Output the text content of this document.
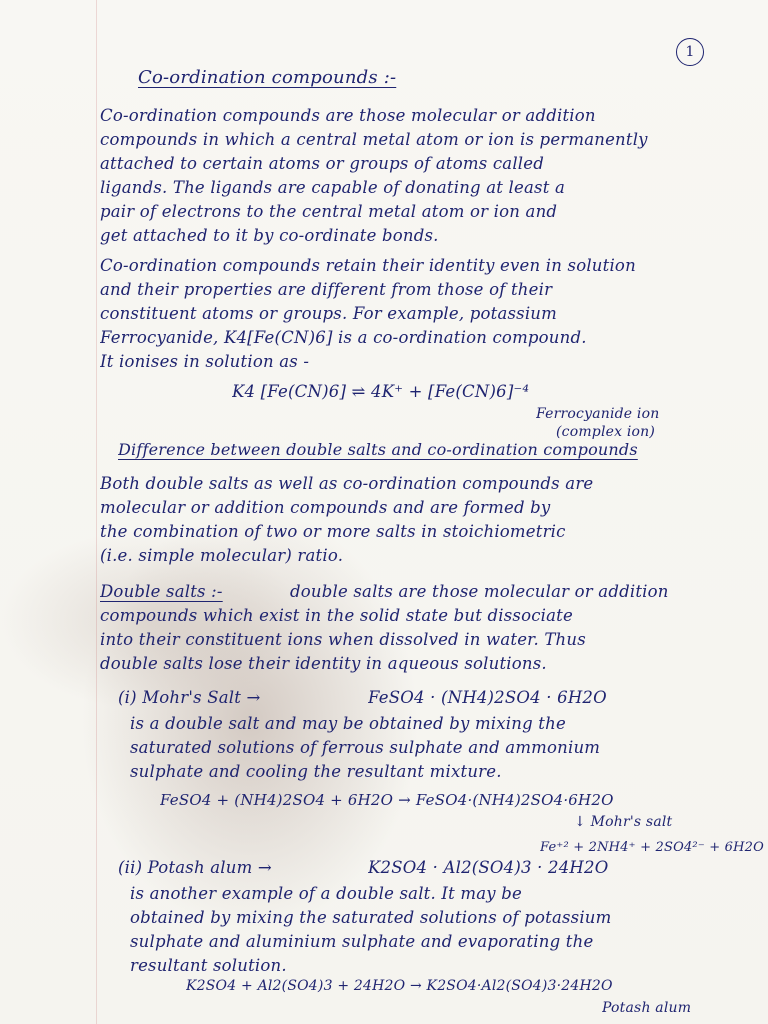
1
Co-ordination compounds :-
Co-ordination compounds are those molecular or addition
compounds in which a central metal atom or ion is permanently
attached to certain atoms or groups of atoms called
ligands. The ligands are capable of donating at least a
pair of electrons to the central metal atom or ion and
get attached to it by co-ordinate bonds.
Co-ordination compounds retain their identity even in solution
and their properties are different from those of their
constituent atoms or groups. For example, potassium
Ferrocyanide, K4[Fe(CN)6] is a co-ordination compound.
It ionises in solution as -
K4 [Fe(CN)6] ⇌ 4K⁺ + [Fe(CN)6]⁻⁴
Ferrocyanide ion
(complex ion)
Difference between double salts and co-ordination compounds
Both double salts as well as co-ordination compounds are
molecular or addition compounds and are formed by
the combination of two or more salts in stoichiometric
(i.e. simple molecular) ratio.
Double salts :-	double salts are those molecular or addition
compounds which exist in the solid state but dissociate
into their constituent ions when dissolved in water. Thus
double salts lose their identity in aqueous solutions.
(i) Mohr's Salt →	FeSO4 · (NH4)2SO4 · 6H2O
is a double salt and may be obtained by mixing the
saturated solutions of ferrous sulphate and ammonium
sulphate and cooling the resultant mixture.
FeSO4 + (NH4)2SO4 + 6H2O → FeSO4·(NH4)2SO4·6H2O
↓ Mohr's salt
Fe⁺² + 2NH4⁺ + 2SO4²⁻ + 6H2O
(ii) Potash alum →	K2SO4 · Al2(SO4)3 · 24H2O
is another example of a double salt. It may be
obtained by mixing the saturated solutions of potassium
sulphate and aluminium sulphate and evaporating the
resultant solution.
K2SO4 + Al2(SO4)3 + 24H2O → K2SO4·Al2(SO4)3·24H2O
Potash alum
